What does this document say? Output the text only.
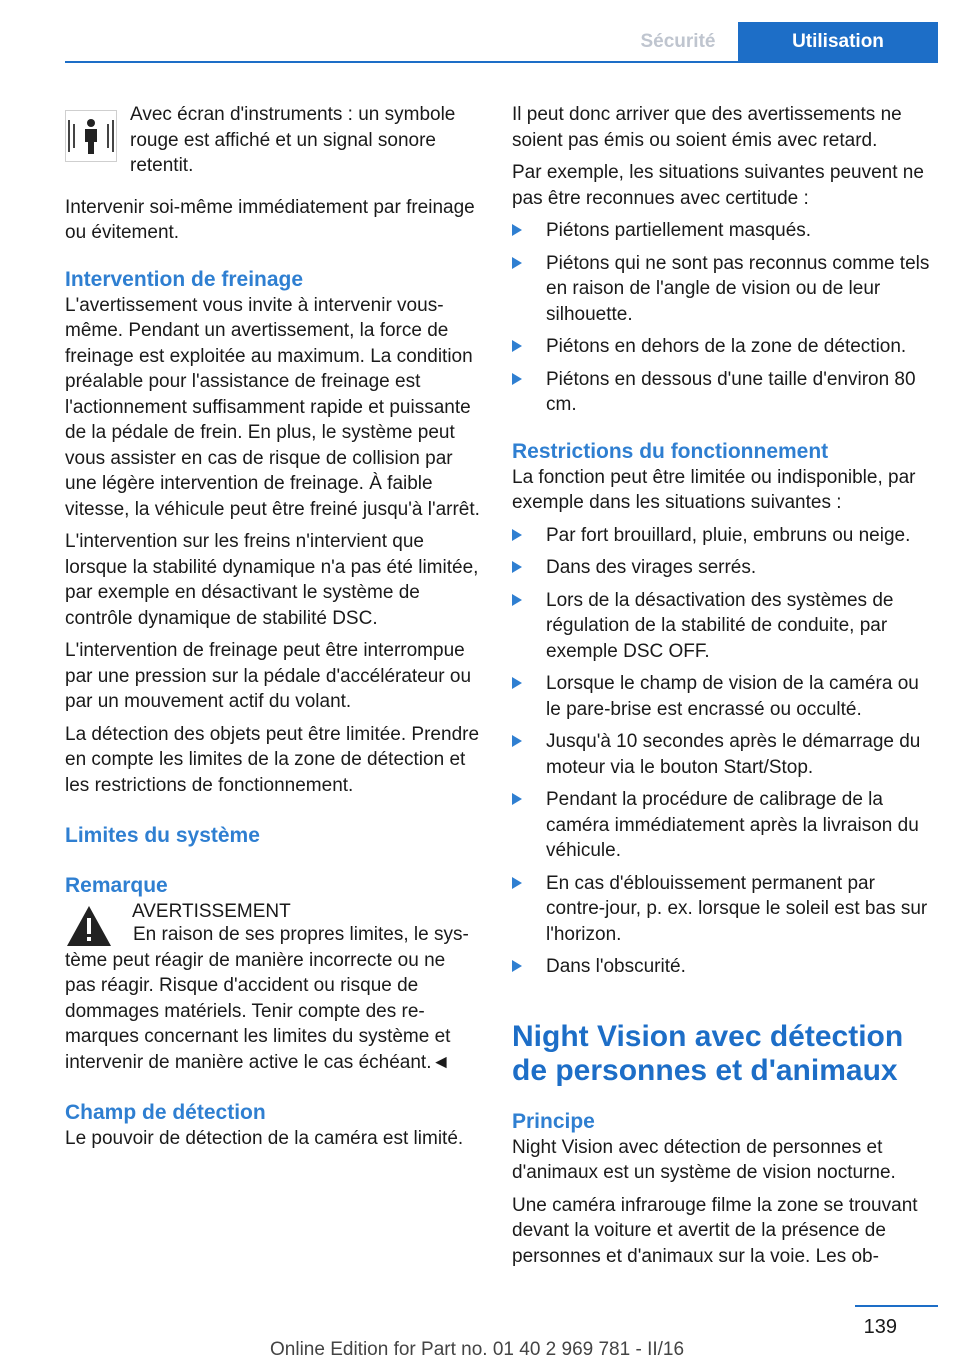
Sécurité	Utilisation

Avec écran d'instruments : un symbole rouge est affiché et un signal sonore retentit.

Intervenir soi-même immédiatement par freinage ou évitement.

Intervention de freinage

L'avertissement vous invite à intervenir vous-même. Pendant un avertissement, la force de freinage est exploitée au maximum. La condition préalable pour l'assistance de freinage est l'actionnement suffisamment rapide et puissante de la pédale de frein. En plus, le système peut vous assister en cas de risque de collision par une légère intervention de freinage. À faible vitesse, la véhicule peut être freiné jusqu'à l'arrêt.

L'intervention sur les freins n'intervient que lorsque la stabilité dynamique n'a pas été limitée, par exemple en désactivant le système de contrôle dynamique de stabilité DSC.

L'intervention de freinage peut être interrompue par une pression sur la pédale d'accélérateur ou par un mouvement actif du volant.

La détection des objets peut être limitée. Prendre en compte les limites de la zone de détection et les restrictions de fonctionnement.

Limites du système
Remarque

AVERTISSEMENT

En raison de ses propres limites, le système peut réagir de manière incorrecte ou ne pas réagir. Risque d'accident ou risque de dommages matériels. Tenir compte des remarques concernant les limites du système et intervenir de manière active le cas échéant.◄

Champ de détection

Le pouvoir de détection de la caméra est limité.

Il peut donc arriver que des avertissements ne soient pas émis ou soient émis avec retard.

Par exemple, les situations suivantes peuvent ne pas être reconnues avec certitude :

Piétons partiellement masqués.
Piétons qui ne sont pas reconnus comme tels en raison de l'angle de vision ou de leur silhouette.
Piétons en dehors de la zone de détection.
Piétons en dessous d'une taille d'environ 80 cm.
Restrictions du fonctionnement

La fonction peut être limitée ou indisponible, par exemple dans les situations suivantes :

Par fort brouillard, pluie, embruns ou neige.
Dans des virages serrés.
Lors de la désactivation des systèmes de régulation de la stabilité de conduite, par exemple DSC OFF.
Lorsque le champ de vision de la caméra ou le pare-brise est encrassé ou occulté.
Jusqu'à 10 secondes après le démarrage du moteur via le bouton Start/Stop.
Pendant la procédure de calibrage de la caméra immédiatement après la livraison du véhicule.
En cas d'éblouissement permanent par contre-jour, p. ex. lorsque le soleil est bas sur l'horizon.
Dans l'obscurité.
Night Vision avec détection de personnes et d'animaux
Principe

Night Vision avec détection de personnes et d'animaux est un système de vision nocturne.

Une caméra infrarouge filme la zone se trouvant devant la voiture et avertit de la présence de personnes et d'animaux sur la voie. Les ob-

139
Online Edition for Part no. 01 40 2 969 781 - II/16
